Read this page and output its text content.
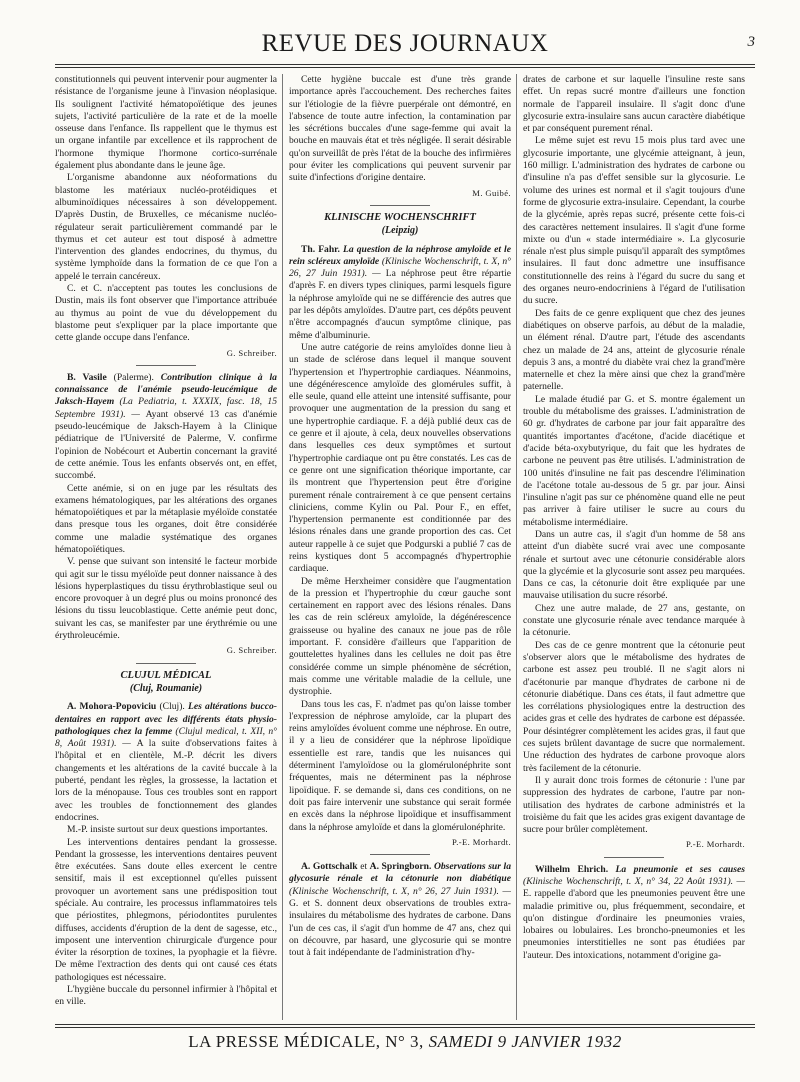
REVUE DES JOURNAUX	3

constitutionnels qui peuvent intervenir pour augmenter la résistance de l'organisme jeune à l'invasion néoplasique. Ils soulignent l'activité hématopoïétique des jeunes sujets, l'activité particulière de la rate et de la moelle osseuse dans l'enfance. Ils rappellent que le thymus est un organe infantile par excellence et ils rapprochent de l'hormone thymique l'hormone cortico-surrénale également plus abondante dans le jeune âge.

L'organisme abandonne aux néoformations du blastome les matériaux nucléo-protéidiques et albuminoïdiques nécessaires à son développement. D'après Dustin, de Bruxelles, ce mécanisme nucléo-régulateur serait particulièrement commandé par le thymus et cet auteur est tout disposé à admettre l'intervention des glandes endocrines, du thymus, du système lymphoïde dans la formation de ce que l'on a appelé le terrain cancéreux.

C. et C. n'acceptent pas toutes les conclusions de Dustin, mais ils font observer que l'importance attribuée au thymus au point de vue du développement du blastome peut s'expliquer par la place importante que cette glande occupe dans l'enfance.

G. Schreiber.

B. Vasile (Palerme). Contribution clinique à la connaissance de l'anémie pseudo-leucémique de Jaksch-Hayem (La Pediatria, t. XXXIX, fasc. 18, 15 Septembre 1931). — Ayant observé 13 cas d'anémie pseudo-leucémique de Jaksch-Hayem à la Clinique pédiatrique de l'Université de Palerme, V. confirme l'opinion de Nobécourt et Aubertin concernant la gravité de cette anémie. Tous les enfants observés ont, en effet, succombé.

Cette anémie, si on en juge par les résultats des examens hématologiques, par les altérations des organes hématopoïétiques et par la métaplasie myéloïde constatée dans presque tous les organes, doit être considérée comme une maladie systématique des organes hématopoïétiques.

V. pense que suivant son intensité le facteur morbide qui agit sur le tissu myéloïde peut donner naissance à des lésions hyperplastiques du tissu érythroblastique seul ou encore provoquer à un degré plus ou moins prononcé des lésions du tissu leucoblastique. Cette anémie peut donc, suivant les cas, se manifester par une érythrémie ou une érythroleucémie.

G. Schreiber.

CLUJUL MÉDICAL

(Cluj, Roumanie)

A. Mohora-Popoviciu (Cluj). Les altérations bucco-dentaires en rapport avec les différents états physio-pathologiques chez la femme (Clujul medical, t. XII, n° 8, Août 1931). — A la suite d'observations faites à l'hôpital et en clientèle, M.-P. décrit les divers changements et les altérations de la cavité buccale à la puberté, pendant les règles, la grossesse, la lactation et lors de la ménopause. Tous ces troubles sont en rapport avec les troubles de fonctionnement des glandes endocrines.

M.-P. insiste surtout sur deux questions importantes.

Les interventions dentaires pendant la grossesse. Pendant la grossesse, les interventions dentaires peuvent être exécutées. Sans doute elles exercent le centre sensitif, mais il est exceptionnel qu'elles puissent provoquer un avortement sans une prédisposition tout spéciale. Au contraire, les processus inflammatoires tels que périostites, phlegmons, périodontites purulentes diffuses, accidents d'éruption de la dent de sagesse, etc., imposent une intervention chirurgicale d'urgence pour éviter la résorption de toxines, la pyophagie et la fièvre. De même l'extraction des dents qui ont causé ces états pathologiques est nécessaire.

L'hygiène buccale du personnel infirmier à l'hôpital et en ville.

Cette hygiène buccale est d'une très grande importance après l'accouchement. Des recherches faites sur l'étiologie de la fièvre puerpérale ont démontré, en l'absence de toute autre infection, la contamination par les sécrétions buccales d'une sage-femme qui avait la bouche en mauvais état et très négligée. Il serait désirable qu'on surveillât de près l'état de la bouche des infirmières pour éviter les complications qui peuvent survenir par suite d'infections d'origine dentaire.

M. Guibé.

KLINISCHE WOCHENSCHRIFT

(Leipzig)

Th. Fahr. La question de la néphrose amyloïde et le rein scléreux amyloïde (Klinische Wochenschrift, t. X, n° 26, 27 Juin 1931). — La néphrose peut être répartie d'après F. en divers types cliniques, parmi lesquels figure la néphrose amyloïde qui ne se différencie des autres que par les dépôts amyloïdes. D'autre part, ces dépôts peuvent n'être accompagnés d'aucun symptôme clinique, pas même d'albuminurie.

Une autre catégorie de reins amyloïdes donne lieu à un stade de sclérose dans lequel il manque souvent l'hypertension et l'hypertrophie cardiaques. Néanmoins, une dégénérescence amyloïde des glomérules suffit, à elle seule, quand elle atteint une intensité suffisante, pour provoquer une augmentation de la pression du sang et une hypertrophie cardiaque. F. a déjà publié deux cas de ce genre et il ajoute, à cela, deux nouvelles observations dans lesquelles ces deux symptômes et surtout l'hypertrophie cardiaque ont pu être constatés. Les cas de ce genre ont une signification théorique importante, car ils montrent que l'hypertension peut être d'origine purement rénale contrairement à ce que pensent certains cliniciens, comme Kylin ou Pal. Pour F., en effet, l'hypertension permanente est conditionnée par des lésions rénales dans une grande proportion des cas. Cet auteur rappelle à ce sujet que Podgurski a publié 7 cas de reins kystiques dont 5 accompagnés d'hypertrophie cardiaque.

De même Herxheimer considère que l'augmentation de la pression et l'hypertrophie du cœur gauche sont certainement en rapport avec des lésions rénales. Dans les cas de rein scléreux amyloïde, la dégénérescence graisseuse ou hyaline des canaux ne joue pas de rôle important. F. considère d'ailleurs que l'apparition de gouttelettes hyalines dans les cellules ne doit pas être considérée comme un simple phénomène de sécrétion, mais comme une véritable maladie de la cellule, une dystrophie.

Dans tous les cas, F. n'admet pas qu'on laisse tomber l'expression de néphrose amyloïde, car la plupart des reins amyloïdes évoluent comme une néphrose. En outre, il y a lieu de considérer que la néphrose lipoïdique essentielle est rare, tandis que les nuisances qui déterminent l'amyloïdose ou la glomérulonéphrite sont fréquentes, mais ne déterminent pas la néphrose lipoïdique. F. se demande si, dans ces conditions, on ne doit pas faire intervenir une substance qui serait formée en excès dans la néphrose lipoïdique et insuffisamment dans la néphrose amyloïde et dans la glomérulonéphrite.

P.-E. Morhardt.

A. Gottschalk et A. Springborn. Observations sur la glycosurie rénale et la cétonurie non diabétique (Klinische Wochenschrift, t. X, n° 26, 27 Juin 1931). — G. et S. donnent deux observations de troubles extra-insulaires du métabolisme des hydrates de carbone. Dans l'un de ces cas, il s'agit d'un homme de 47 ans, chez qui on découvre, par hasard, une glycosurie qui se montre tout à fait indépendante de l'administration d'hy-

drates de carbone et sur laquelle l'insuline reste sans effet. Un repas sucré montre d'ailleurs une fonction normale de l'appareil insulaire. Il s'agit donc d'une glycosurie extra-insulaire sans aucun caractère diabétique et par conséquent purement rénal.

Le même sujet est revu 15 mois plus tard avec une glycosurie importante, une glycémie atteignant, à jeun, 160 milligr. L'administration des hydrates de carbone ou d'insuline n'a pas d'effet sensible sur la glycosurie. Le volume des urines est normal et il s'agit toujours d'une forme de glycosurie extra-insulaire. Cependant, la courbe de la glycémie, après repas sucré, présente cette fois-ci des caractères nettement insulaires. Il s'agit d'une forme mixte ou d'un « stade intermédiaire ». La glycosurie rénale n'est plus simple puisqu'il apparaît des symptômes insulaires. Il faut donc admettre une insuffisance constitutionnelle des reins à l'égard du sucre du sang et des organes neuro-endocriniens à l'égard de l'utilisation du sucre.

Des faits de ce genre expliquent que chez des jeunes diabétiques on observe parfois, au début de la maladie, un élément rénal. D'autre part, l'étude des ascendants chez un malade de 24 ans, atteint de glycosurie rénale depuis 3 ans, a montré du diabète vrai chez la grand'mère maternelle et chez la mère ainsi que chez la grand'mère paternelle.

Le malade étudié par G. et S. montre également un trouble du métabolisme des graisses. L'administration de 60 gr. d'hydrates de carbone par jour fait apparaître des quantités importantes d'acétone, d'acide diacétique et d'acide béta-oxybutyrique, du fait que les hydrates de carbone ne peuvent pas être utilisés. L'administration de 100 unités d'insuline ne fait pas descendre l'élimination de l'acétone totale au-dessous de 5 gr. par jour. Ainsi l'insuline n'agit pas sur ce phénomène quand elle ne peut pas arriver à faire utiliser le sucre au cours du métabolisme intermédiaire.

Dans un autre cas, il s'agit d'un homme de 58 ans atteint d'un diabète sucré vrai avec une composante rénale et surtout avec une cétonurie considérable alors que la glycémie et la glycosurie sont assez peu marquées. Dans ce cas, la cétonurie doit être expliquée par une mauvaise utilisation du sucre résorbé.

Chez une autre malade, de 27 ans, gestante, on constate une glycosurie rénale avec tendance marquée à la cétonurie.

Des cas de ce genre montrent que la cétonurie peut s'observer alors que le métabolisme des hydrates de carbone est assez peu troublé. Il ne s'agit alors ni d'acétonurie par manque d'hydrates de carbone ni de cétonurie diabétique. Dans ces états, il faut admettre que les corrélations physiologiques entre la destruction des acides gras et celle des hydrates de carbone est dépassée. Pour désintégrer complètement les acides gras, il faut que ces sujets brûlent davantage de sucre que normalement. Une réduction des hydrates de carbone provoque alors très facilement de la cétonurie.

Il y aurait donc trois formes de cétonurie : l'une par suppression des hydrates de carbone, l'autre par non-utilisation des hydrates de carbone administrés et la troisième du fait que les acides gras exigent davantage de sucre pour brûler complètement.

P.-E. Morhardt.

Wilhelm Ehrich. La pneumonie et ses causes (Klinische Wochenschrift, t. X, n° 34, 22 Août 1931). — E. rappelle d'abord que les pneumonies peuvent être une maladie primitive ou, plus fréquemment, secondaire, et qu'on distingue d'ordinaire les pneumonies vraies, lobaires ou lobulaires. Les broncho-pneumonies et les pneumonies interstitielles ne sont pas étudiées par l'auteur. Des intoxications, notamment d'origine ga-

LA PRESSE MÉDICALE, N° 3, SAMEDI 9 JANVIER 1932
